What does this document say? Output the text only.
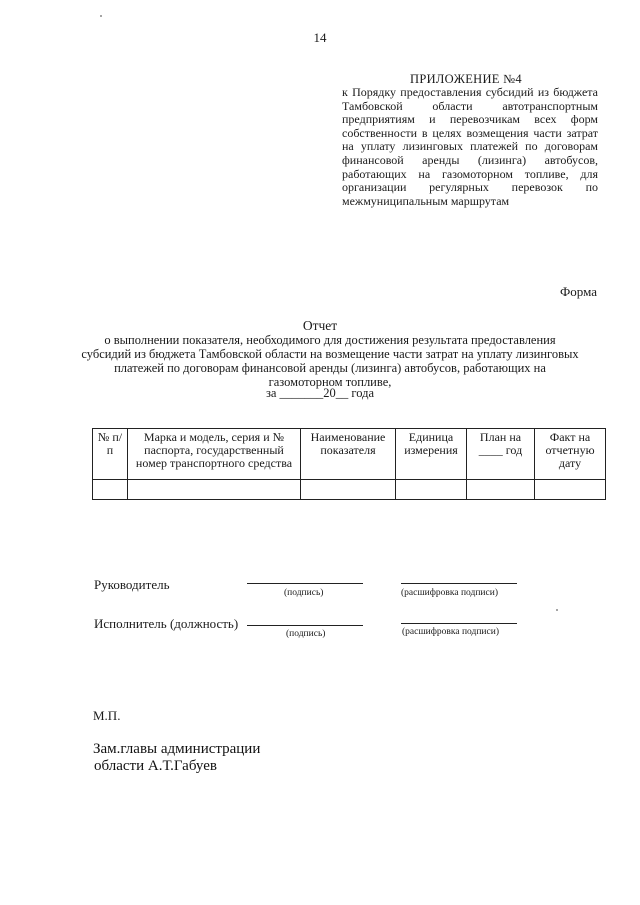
14
ПРИЛОЖЕНИЕ №4
к Порядку предоставления субсидий из бюджета Тамбовской области автотранспортным предприятиям и перевозчикам всех форм собственности в целях возмещения части затрат на уплату лизинговых платежей по договорам финансовой аренды (лизинга) автобусов, работающих на газомоторном топливе, для организации регулярных перевозок по межмуниципальным маршрутам
Форма
Отчет
о выполнении показателя, необходимого для достижения результата предоставления субсидий из бюджета Тамбовской области на возмещение части затрат на уплату лизинговых платежей по договорам финансовой аренды (лизинга) автобусов, работающих на газомоторном топливе,
за _______20__ года
№ п/п	Марка и модель, серия и № паспорта, государственный номер транспортного средства	Наименование показателя	Единица измерения	План на ____ год	Факт на отчетную дату

Руководитель
(подпись)	(расшифровка подписи)
Исполнитель (должность)
(подпись)	(расшифровка подписи)
М.П.
Зам.главы администрации
области А.Т.Габуев
